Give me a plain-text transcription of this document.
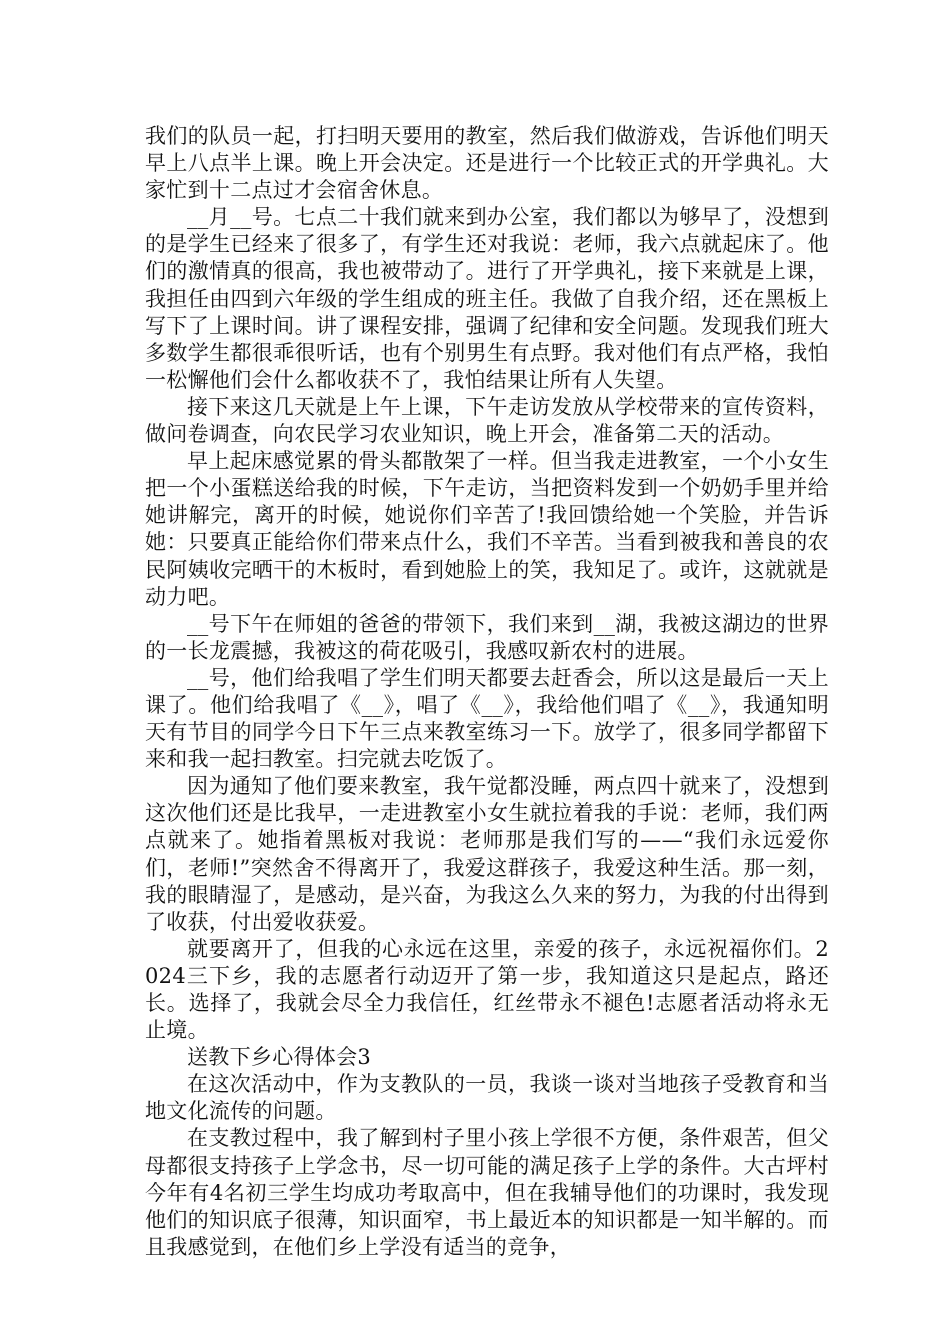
我们的队员一起，打扫明天要用的教室，然后我们做游戏，告诉他们明天早上八点半上课。晚上开会决定。还是进行一个比较正式的开学典礼。大家忙到十二点过才会宿舍休息。

__月__号。七点二十我们就来到办公室，我们都以为够早了，没想到的是学生已经来了很多了，有学生还对我说：老师，我六点就起床了。他们的激情真的很高，我也被带动了。进行了开学典礼，接下来就是上课，我担任由四到六年级的学生组成的班主任。我做了自我介绍，还在黑板上写下了上课时间。讲了课程安排，强调了纪律和安全问题。发现我们班大多数学生都很乖很听话，也有个别男生有点野。我对他们有点严格，我怕一松懈他们会什么都收获不了，我怕结果让所有人失望。

接下来这几天就是上午上课，下午走访发放从学校带来的宣传资料，做问卷调查，向农民学习农业知识，晚上开会，准备第二天的活动。

早上起床感觉累的骨头都散架了一样。但当我走进教室，一个小女生把一个小蛋糕送给我的时候，下午走访，当把资料发到一个奶奶手里并给她讲解完，离开的时候，她说你们辛苦了!我回馈给她一个笑脸，并告诉她：只要真正能给你们带来点什么，我们不辛苦。当看到被我和善良的农民阿姨收完晒干的木板时，看到她脸上的笑，我知足了。或许，这就就是动力吧。

__号下午在师姐的爸爸的带领下，我们来到__湖，我被这湖边的世界的一长龙震撼，我被这的荷花吸引，我感叹新农村的进展。

__号，他们给我唱了学生们明天都要去赶香会，所以这是最后一天上课了。他们给我唱了《__》，唱了《__》，我给他们唱了《__》，我通知明天有节目的同学今日下午三点来教室练习一下。放学了，很多同学都留下来和我一起扫教室。扫完就去吃饭了。

因为通知了他们要来教室，我午觉都没睡，两点四十就来了，没想到这次他们还是比我早，一走进教室小女生就拉着我的手说：老师，我们两点就来了。她指着黑板对我说：老师那是我们写的——“我们永远爱你们，老师!”突然舍不得离开了，我爱这群孩子，我爱这种生活。那一刻，我的眼睛湿了，是感动，是兴奋，为我这么久来的努力，为我的付出得到了收获，付出爱收获爱。

就要离开了，但我的心永远在这里，亲爱的孩子，永远祝福你们。2024三下乡，我的志愿者行动迈开了第一步，我知道这只是起点，路还长。选择了，我就会尽全力我信任，红丝带永不褪色!志愿者活动将永无止境。

送教下乡心得体会3

在这次活动中，作为支教队的一员，我谈一谈对当地孩子受教育和当地文化流传的问题。

在支教过程中，我了解到村子里小孩上学很不方便，条件艰苦，但父母都很支持孩子上学念书，尽一切可能的满足孩子上学的条件。大古坪村今年有4名初三学生均成功考取高中，但在我辅导他们的功课时，我发现他们的知识底子很薄，知识面窄，书上最近本的知识都是一知半解的。而且我感觉到，在他们乡上学没有适当的竞争，
